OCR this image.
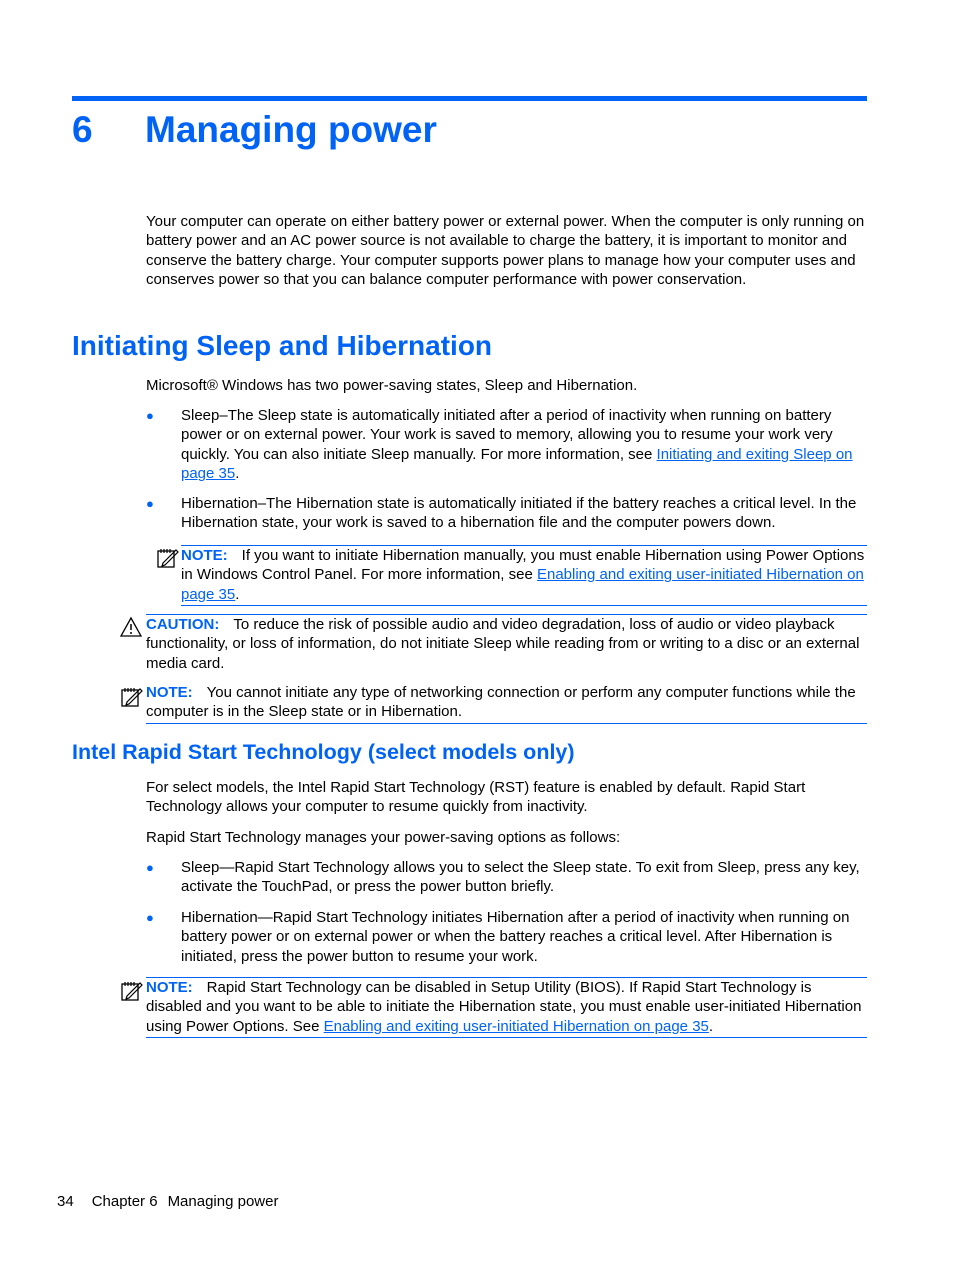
6 Managing power

Your computer can operate on either battery power or external power. When the computer is only running on battery power and an AC power source is not available to charge the battery, it is important to monitor and conserve the battery charge. Your computer supports power plans to manage how your computer uses and conserves power so that you can balance computer performance with power conservation.

Initiating Sleep and Hibernation

Microsoft® Windows has two power-saving states, Sleep and Hibernation.

● Sleep–The Sleep state is automatically initiated after a period of inactivity when running on battery power or on external power. Your work is saved to memory, allowing you to resume your work very quickly. You can also initiate Sleep manually. For more information, see Initiating and exiting Sleep on page 35.

● Hibernation–The Hibernation state is automatically initiated if the battery reaches a critical level. In the Hibernation state, your work is saved to a hibernation file and the computer powers down.

NOTE: If you want to initiate Hibernation manually, you must enable Hibernation using Power Options in Windows Control Panel. For more information, see Enabling and exiting user-initiated Hibernation on page 35.

CAUTION: To reduce the risk of possible audio and video degradation, loss of audio or video playback functionality, or loss of information, do not initiate Sleep while reading from or writing to a disc or an external media card.

NOTE: You cannot initiate any type of networking connection or perform any computer functions while the computer is in the Sleep state or in Hibernation.

Intel Rapid Start Technology (select models only)

For select models, the Intel Rapid Start Technology (RST) feature is enabled by default. Rapid Start Technology allows your computer to resume quickly from inactivity.

Rapid Start Technology manages your power-saving options as follows:

● Sleep—Rapid Start Technology allows you to select the Sleep state. To exit from Sleep, press any key, activate the TouchPad, or press the power button briefly.

● Hibernation—Rapid Start Technology initiates Hibernation after a period of inactivity when running on battery power or on external power or when the battery reaches a critical level. After Hibernation is initiated, press the power button to resume your work.

NOTE: Rapid Start Technology can be disabled in Setup Utility (BIOS). If Rapid Start Technology is disabled and you want to be able to initiate the Hibernation state, you must enable user-initiated Hibernation using Power Options. See Enabling and exiting user-initiated Hibernation on page 35.

34 Chapter 6 Managing power
